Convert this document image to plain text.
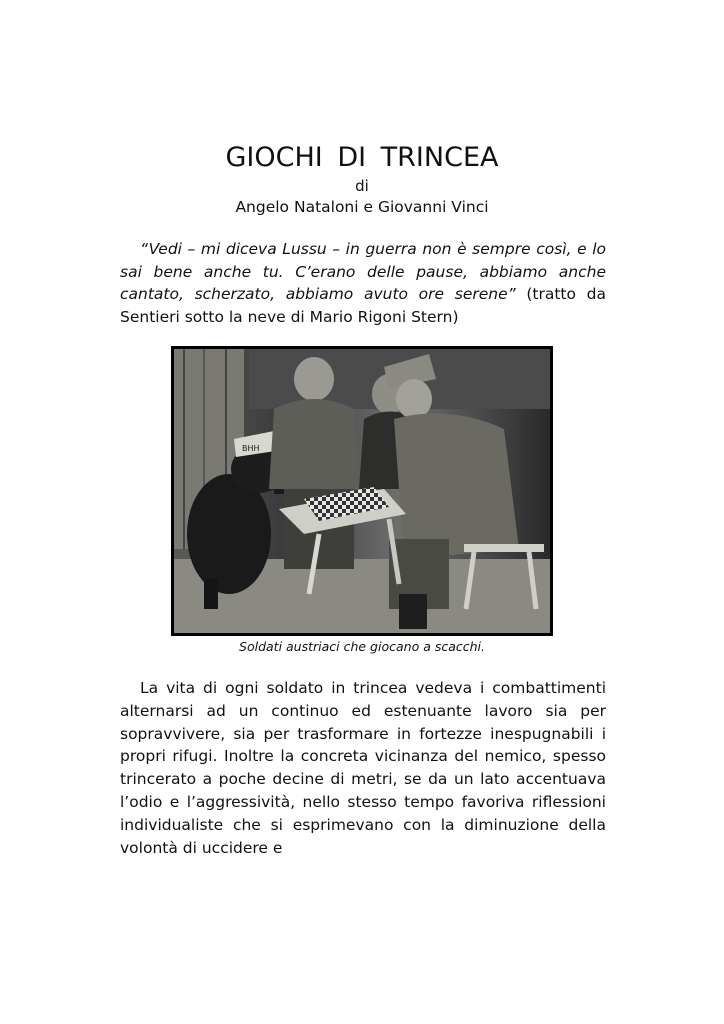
GIOCHI DI TRINCEA
di
Angelo Nataloni e Giovanni Vinci
“Vedi – mi diceva Lussu – in guerra non è sempre così, e lo sai bene anche tu. C’erano delle pause, abbiamo anche cantato, scherzato, abbiamo avuto ore serene” (tratto da Sentieri sotto la neve di Mario Rigoni Stern)
BHH
Soldati austriaci che giocano a scacchi.
La vita di ogni soldato in trincea vedeva i combattimenti alternarsi ad un continuo ed estenuante lavoro sia per sopravvivere, sia per trasformare in fortezze inespugnabili i propri rifugi. Inoltre la concreta vicinanza del nemico, spesso trincerato a poche decine di metri, se da un lato accentuava l’odio e l’aggressività, nello stesso tempo favoriva riflessioni individualiste che si esprimevano con la diminuzione della volontà di uccidere e
